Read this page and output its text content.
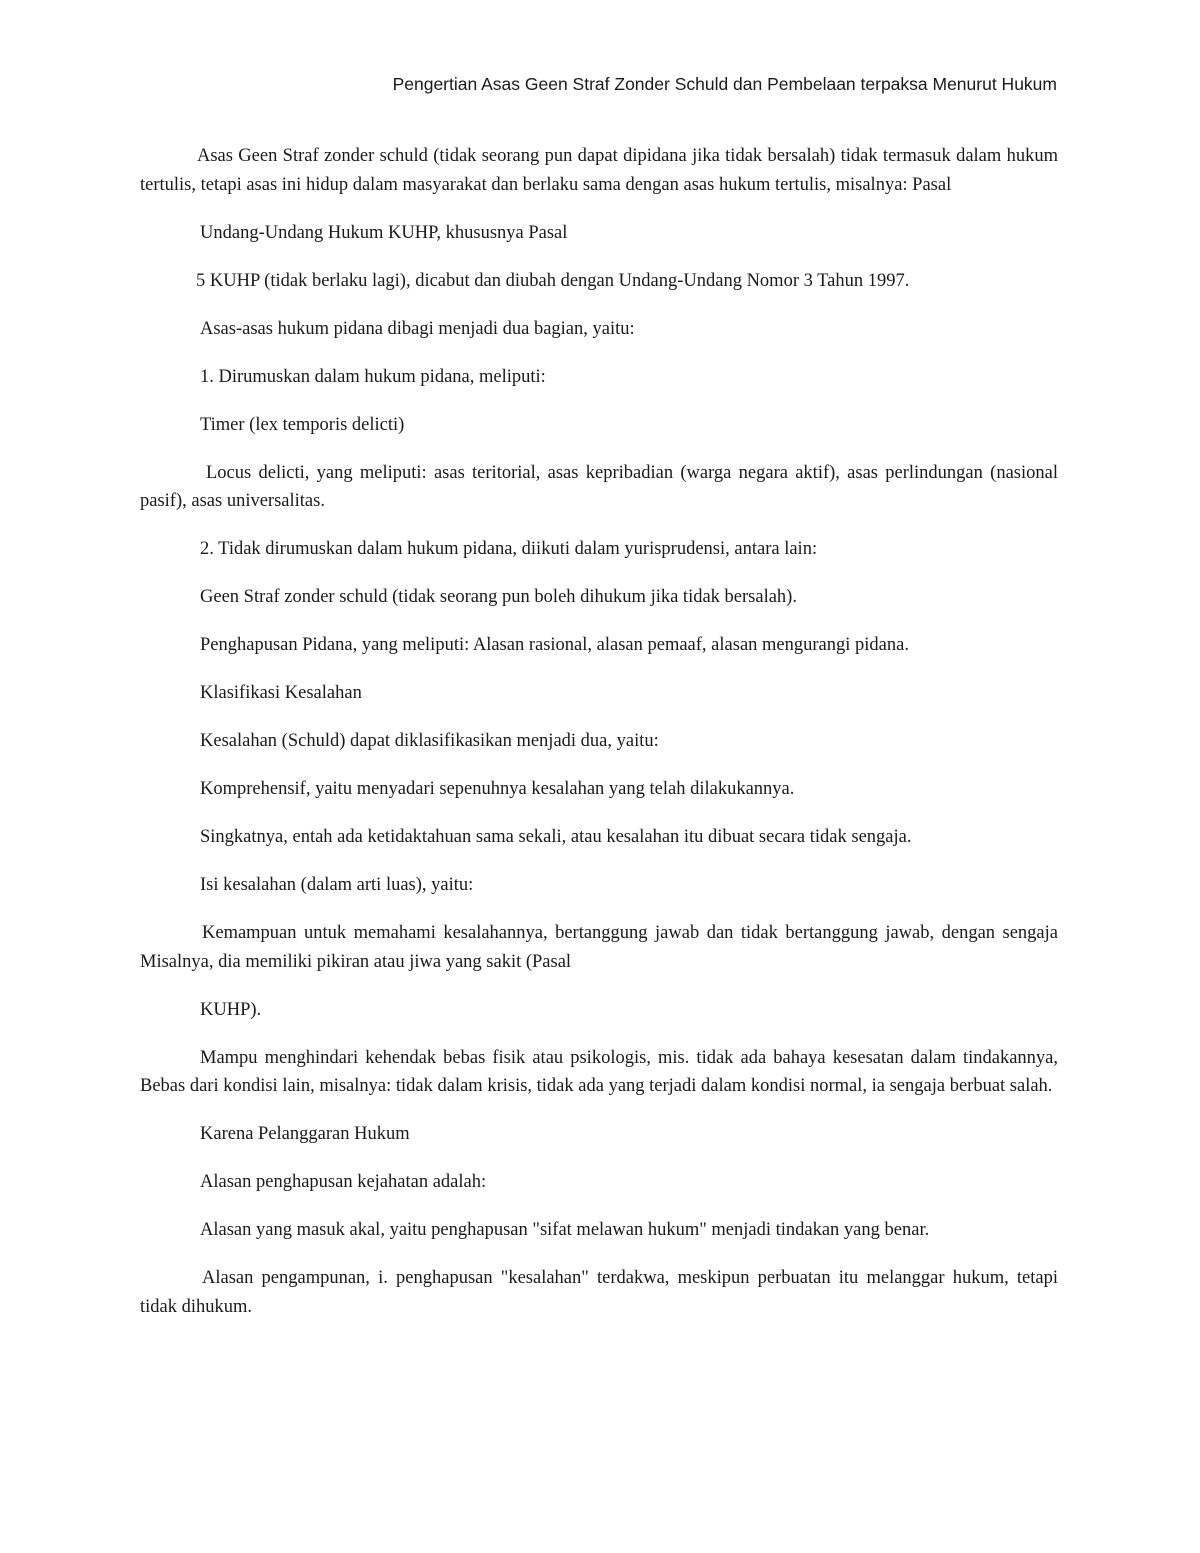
Pengertian Asas Geen Straf Zonder Schuld dan Pembelaan terpaksa Menurut Hukum

Asas Geen Straf zonder schuld (tidak seorang pun dapat dipidana jika tidak bersalah) tidak termasuk dalam hukum tertulis, tetapi asas ini hidup dalam masyarakat dan berlaku sama dengan asas hukum tertulis, misalnya: Pasal

Undang-Undang Hukum KUHP, khususnya Pasal

5 KUHP (tidak berlaku lagi), dicabut dan diubah dengan Undang-Undang Nomor 3 Tahun 1997.

Asas-asas hukum pidana dibagi menjadi dua bagian, yaitu:

1. Dirumuskan dalam hukum pidana, meliputi:

Timer (lex temporis delicti)

Locus delicti, yang meliputi: asas teritorial, asas kepribadian (warga negara aktif), asas perlindungan (nasional pasif), asas universalitas.

2. Tidak dirumuskan dalam hukum pidana, diikuti dalam yurisprudensi, antara lain:

Geen Straf zonder schuld (tidak seorang pun boleh dihukum jika tidak bersalah).

Penghapusan Pidana, yang meliputi: Alasan rasional, alasan pemaaf, alasan mengurangi pidana.

Klasifikasi Kesalahan

Kesalahan (Schuld) dapat diklasifikasikan menjadi dua, yaitu:

Komprehensif, yaitu menyadari sepenuhnya kesalahan yang telah dilakukannya.

Singkatnya, entah ada ketidaktahuan sama sekali, atau kesalahan itu dibuat secara tidak sengaja.

Isi kesalahan (dalam arti luas), yaitu:

Kemampuan untuk memahami kesalahannya, bertanggung jawab dan tidak bertanggung jawab, dengan sengaja Misalnya, dia memiliki pikiran atau jiwa yang sakit (Pasal

KUHP).

Mampu menghindari kehendak bebas fisik atau psikologis, mis. tidak ada bahaya kesesatan dalam tindakannya, Bebas dari kondisi lain, misalnya: tidak dalam krisis, tidak ada yang terjadi dalam kondisi normal, ia sengaja berbuat salah.

Karena Pelanggaran Hukum

Alasan penghapusan kejahatan adalah:

Alasan yang masuk akal, yaitu penghapusan "sifat melawan hukum" menjadi tindakan yang benar.

Alasan pengampunan, i. penghapusan "kesalahan" terdakwa, meskipun perbuatan itu melanggar hukum, tetapi tidak dihukum.
